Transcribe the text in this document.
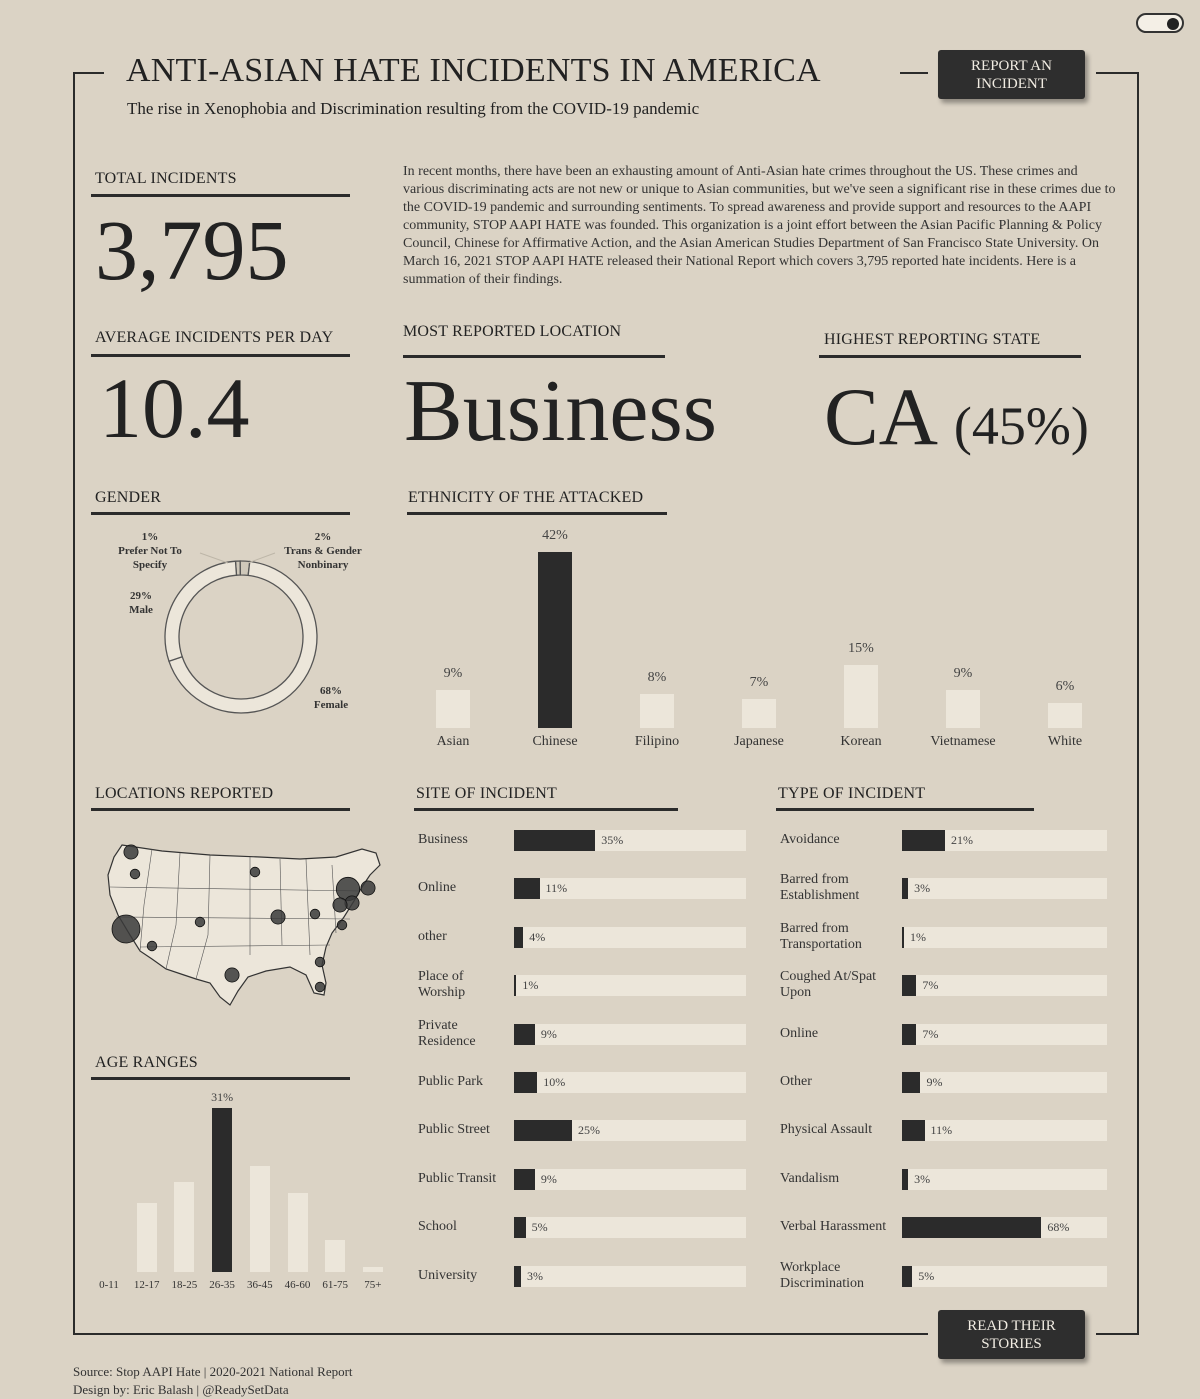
ANTI-ASIAN HATE INCIDENTS IN AMERICA
The rise in Xenophobia and Discrimination resulting from the COVID-19 pandemic
REPORT AN
INCIDENT
TOTAL INCIDENTS
3,795
In recent months, there have been an exhausting amount of Anti-Asian hate crimes throughout the US. These crimes and various discriminating acts are not new or unique to Asian communities, but we've seen a significant rise in these crimes due to the COVID-19 pandemic and surrounding sentiments. To spread awareness and provide support and resources to the AAPI community, STOP AAPI HATE was founded. This organization is a joint effort between the Asian Pacific Planning & Policy Council, Chinese for Affirmative Action, and the Asian American Studies Department of San Francisco State University. On March 16, 2021 STOP AAPI HATE released their National Report which covers 3,795 reported hate incidents. Here is a summation of their findings.
AVERAGE INCIDENTS PER DAY
10.4
MOST REPORTED LOCATION
Business
HIGHEST REPORTING STATE
CA (45%)
GENDER
1%
Prefer Not To
Specify
2%
Trans & Gender
Nonbinary
29%
Male
68%
Female
ETHNICITY OF THE ATTACKED
9%
Asian
42%
Chinese
8%
Filipino
7%
Japanese
15%
Korean
9%
Vietnamese
6%
White
LOCATIONS REPORTED
AGE RANGES
0-11	12-17	18-25
31%
26-35	36-45	46-60	61-75	75+
SITE OF INCIDENT
Business	35%
Online	11%
other	4%
Place of
Worship	1%
Private
Residence	9%
Public Park	10%
Public Street	25%
Public Transit	9%
School	5%
University	3%
TYPE OF INCIDENT
Avoidance	21%
Barred from
Establishment	3%
Barred from
Transportation	1%
Coughed At/Spat
Upon	7%
Online	7%
Other	9%
Physical Assault	11%
Vandalism	3%
Verbal Harassment	68%
Workplace
Discrimination	5%
READ THEIR
STORIES
Source: Stop AAPI Hate | 2020-2021 National Report
Design by: Eric Balash | @ReadySetData
